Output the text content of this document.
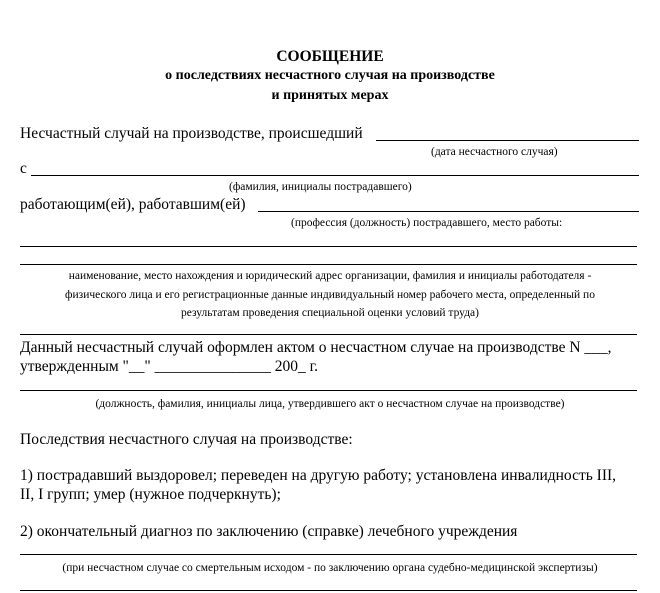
СООБЩЕНИЕ
о последствиях несчастного случая на производстве
и принятых мерах
Несчастный случай на производстве, происшедший
(дата несчастного случая)
с
(фамилия, инициалы пострадавшего)
работающим(ей), работавшим(ей)
(профессия (должность) пострадавшего, место работы:
наименование, место нахождения и юридический адрес организации, фамилия и инициалы работодателя -
физического лица и его регистрационные данные индивидуальный номер рабочего места, определенный по
результатам проведения специальной оценки условий труда)
Данный несчастный случай оформлен актом о несчастном случае на производстве N ___,
утвержденным "__" _______________ 200_ г.
(должность, фамилия, инициалы лица, утвердившего акт о несчастном случае на производстве)
Последствия несчастного случая на производстве:
1) пострадавший выздоровел; переведен на другую работу; установлена инвалидность III,
II, I групп; умер (нужное подчеркнуть);
2) окончательный диагноз по заключению (справке) лечебного учреждения
(при несчастном случае со смертельным исходом - по заключению органа судебно-медицинской экспертизы)
